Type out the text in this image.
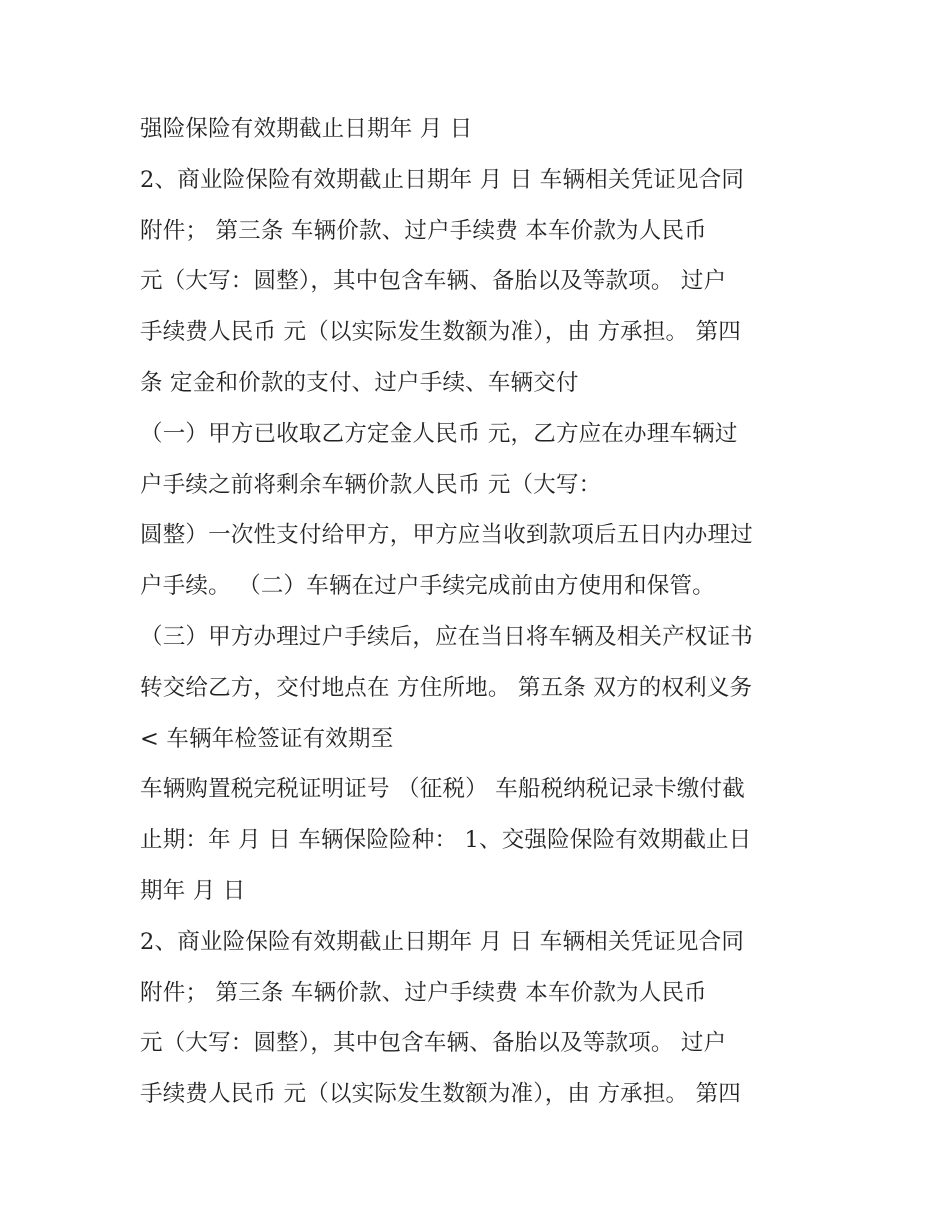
强险保险有效期截止日期年 月 日
2、商业险保险有效期截止日期年 月 日 车辆相关凭证见合同
附件； 第三条 车辆价款、过户手续费 本车价款为人民币
元（大写：圆整），其中包含车辆、备胎以及等款项。 过户
手续费人民币 元（以实际发生数额为准），由 方承担。 第四
条 定金和价款的支付、过户手续、车辆交付
（一）甲方已收取乙方定金人民币 元，乙方应在办理车辆过
户手续之前将剩余车辆价款人民币 元（大写：
圆整）一次性支付给甲方，甲方应当收到款项后五日内办理过
户手续。 （二）车辆在过户手续完成前由方使用和保管。
（三）甲方办理过户手续后，应在当日将车辆及相关产权证书
转交给乙方，交付地点在 方住所地。 第五条 双方的权利义务
< 车辆年检签证有效期至
车辆购置税完税证明证号 （征税） 车船税纳税记录卡缴付截
止期：年 月 日 车辆保险险种： 1、交强险保险有效期截止日
期年 月 日
2、商业险保险有效期截止日期年 月 日 车辆相关凭证见合同
附件； 第三条 车辆价款、过户手续费 本车价款为人民币
元（大写：圆整），其中包含车辆、备胎以及等款项。 过户
手续费人民币 元（以实际发生数额为准），由 方承担。 第四
